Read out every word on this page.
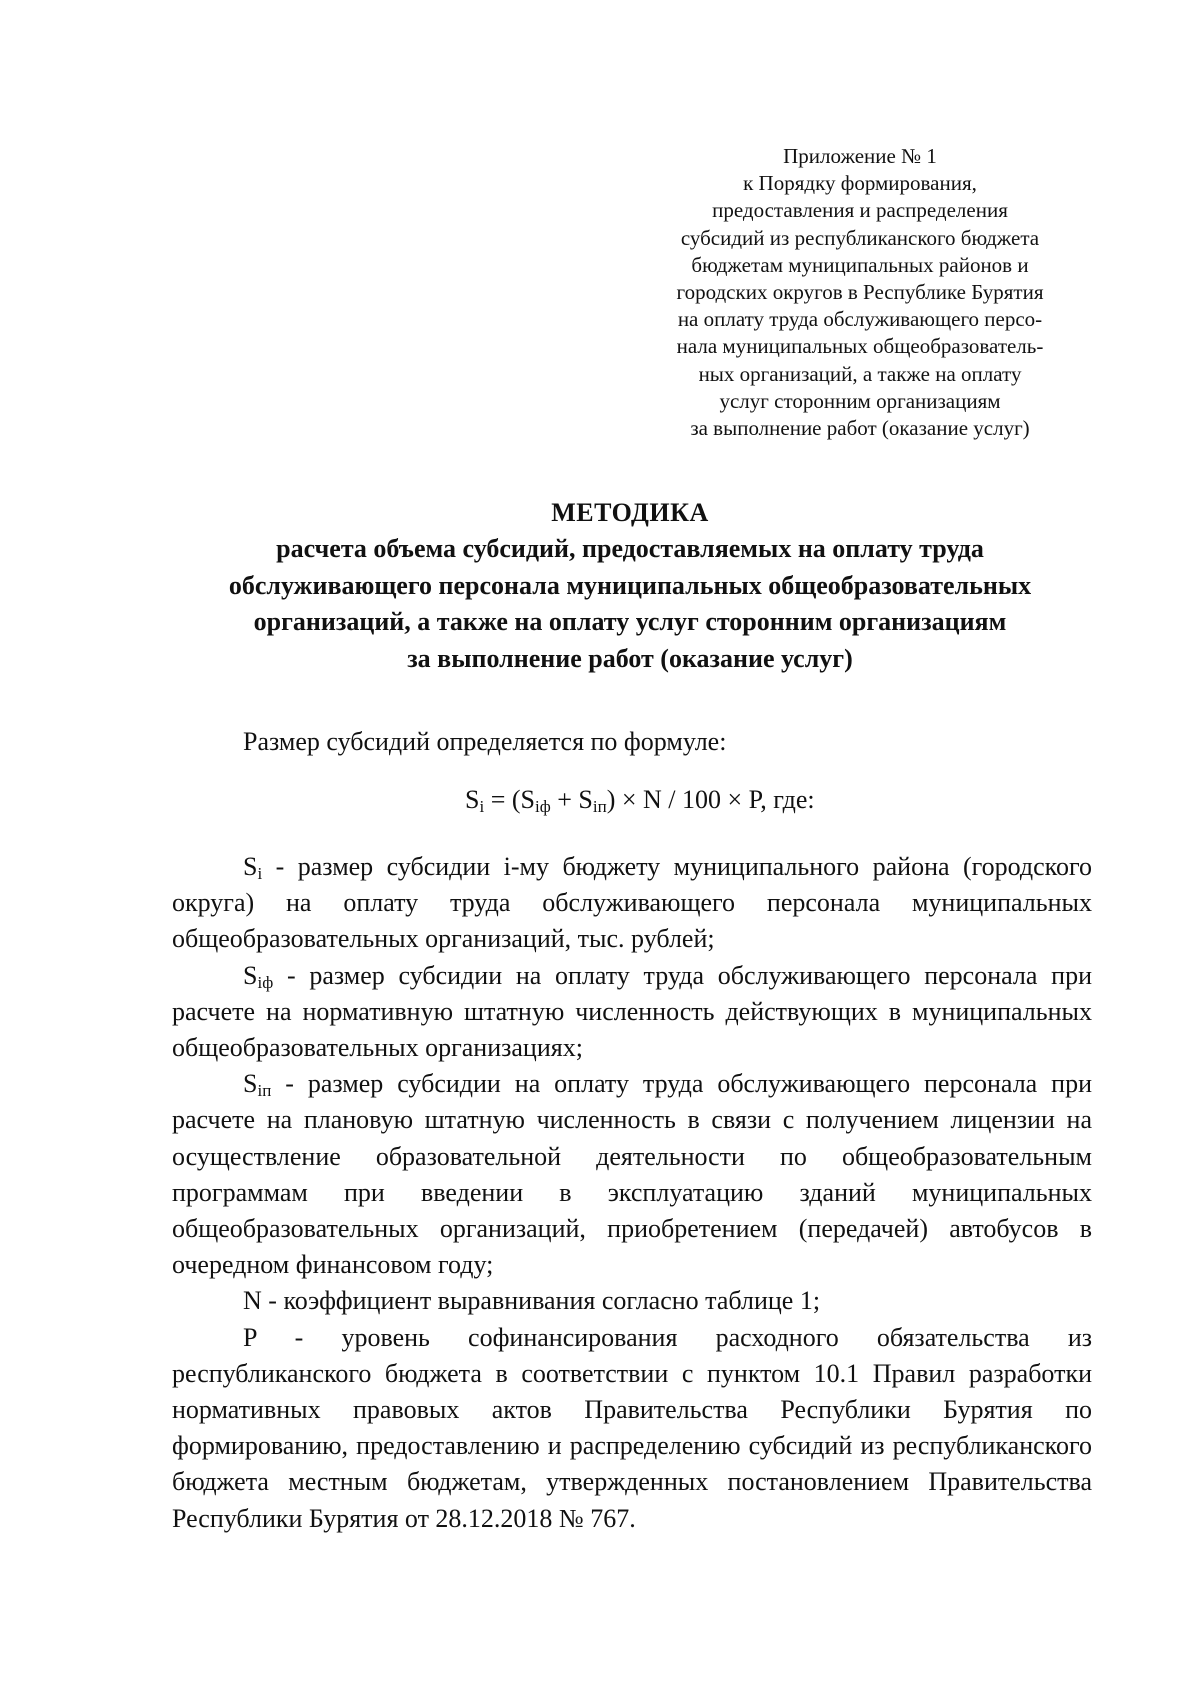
Приложение № 1
к Порядку формирования,
предоставления и распределения
субсидий из республиканского бюджета
бюджетам муниципальных районов и
городских округов в Республике Бурятия
на оплату труда обслуживающего персо-
нала муниципальных общеобразователь-
ных организаций, а также на оплату
услуг сторонним организациям
за выполнение работ (оказание услуг)
МЕТОДИКА
расчета объема субсидий, предоставляемых на оплату труда
обслуживающего персонала муниципальных общеобразовательных
организаций, а также на оплату услуг сторонним организациям
за выполнение работ (оказание услуг)
Размер субсидий определяется по формуле:
$S_i = (S_{iф} + S_{iп}) \times N / 100 \times P$, где:

$S_i$ - размер субсидии i-му бюджету муниципального района (городского округа) на оплату труда обслуживающего персонала муниципальных общеобразовательных организаций, тыс. рублей;

$S_{iф}$ - размер субсидии на оплату труда обслуживающего персонала при расчете на нормативную штатную численность действующих в муниципальных общеобразовательных организациях;

$S_{iп}$ - размер субсидии на оплату труда обслуживающего персонала при расчете на плановую штатную численность в связи с получением лицензии на осуществление образовательной деятельности по общеобразовательным программам при введении в эксплуатацию зданий муниципальных общеобразовательных организаций, приобретением (передачей) автобусов в очередном финансовом году;

N - коэффициент выравнивания согласно таблице 1;

P - уровень софинансирования расходного обязательства из республиканского бюджета в соответствии с пунктом 10.1 Правил разработки нормативных правовых актов Правительства Республики Бурятия по формированию, предоставлению и распределению субсидий из республиканского бюджета местным бюджетам, утвержденных постановлением Правительства Республики Бурятия от 28.12.2018 № 767.
